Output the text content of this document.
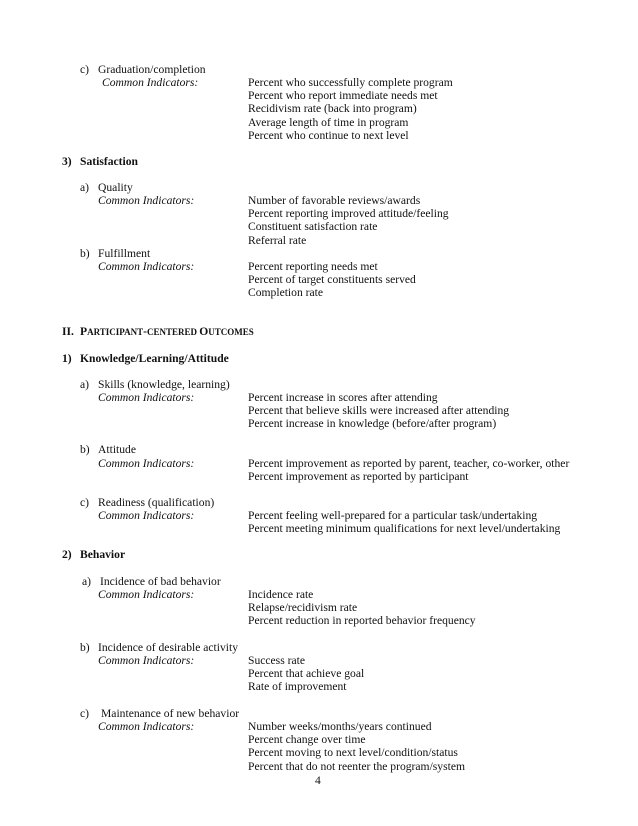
c) Graduation/completion
Common Indicators:	Percent who successfully complete program
Percent who report immediate needs met
Recidivism rate (back into program)
Average length of time in program
Percent who continue to next level
3) Satisfaction
a) Quality
Common Indicators:	Number of favorable reviews/awards
Percent reporting improved attitude/feeling
Constituent satisfaction rate
Referral rate
b) Fulfillment
Common Indicators:	Percent reporting needs met
Percent of target constituents served
Completion rate
II. PARTICIPANT-CENTERED OUTCOMES
1) Knowledge/Learning/Attitude
a) Skills (knowledge, learning)
Common Indicators:	Percent increase in scores after attending
Percent that believe skills were increased after attending
Percent increase in knowledge (before/after program)
b) Attitude
Common Indicators:	Percent improvement as reported by parent, teacher, co-worker, other
Percent improvement as reported by participant
c) Readiness (qualification)
Common Indicators:	Percent feeling well-prepared for a particular task/undertaking
Percent meeting minimum qualifications for next level/undertaking
2) Behavior
a) Incidence of bad behavior
Common Indicators:	Incidence rate
Relapse/recidivism rate
Percent reduction in reported behavior frequency
b) Incidence of desirable activity
Common Indicators:	Success rate
Percent that achieve goal
Rate of improvement
c) Maintenance of new behavior
Common Indicators:	Number weeks/months/years continued
Percent change over time
Percent moving to next level/condition/status
Percent that do not reenter the program/system
4
